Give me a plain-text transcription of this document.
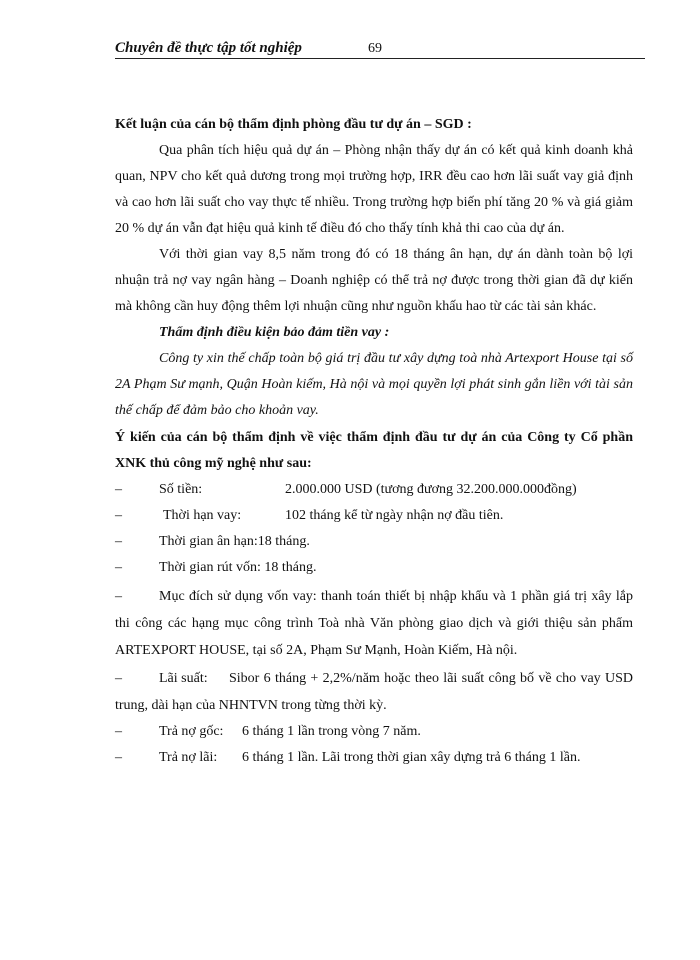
Chuyên đề thực tập tốt nghiệp	69

Kết luận của cán bộ thẩm định phòng đầu tư dự án – SGD :

Qua phân tích hiệu quả dự án – Phòng nhận thấy dự án có kết quả kinh doanh khả quan, NPV cho kết quả dương trong mọi trường hợp, IRR đều cao hơn lãi suất vay giả định và cao hơn lãi suất cho vay thực tế nhiều. Trong trường hợp biến phí tăng 20 % và giá giảm 20 % dự án vẫn đạt hiệu quả kinh tế điều đó cho thấy tính khả thi cao của dự án.

Với thời gian vay 8,5 năm trong đó có 18 tháng ân hạn, dự án dành toàn bộ lợi nhuận trả nợ vay ngân hàng – Doanh nghiệp có thể trả nợ được trong thời gian đã dự kiến mà không cần huy động thêm lợi nhuận cũng như nguồn khấu hao từ các tài sản khác.

Thẩm định điều kiện bảo đảm tiền vay :

Công ty xin thế chấp toàn bộ giá trị đầu tư xây dựng toà nhà Artexport House tại số 2A Phạm Sư mạnh, Quận Hoàn kiếm, Hà nội và mọi quyền lợi phát sinh gắn liền với tài sản thế chấp để đảm bảo cho khoản vay.

Ý kiến của cán bộ thẩm định về việc thẩm định đầu tư dự án của Công ty Cổ phần XNK thủ công mỹ nghệ như sau:

–	Số tiền:	2.000.000 USD (tương đương 32.200.000.000đồng)
–	Thời hạn vay:	102 tháng kể từ ngày nhận nợ đầu tiên.
–	Thời gian ân hạn:18 tháng.
–	Thời gian rút vốn: 18 tháng.
–	Mục đích sử dụng vốn vay: thanh toán thiết bị nhập khẩu và 1 phần giá trị xây lắp thi công các hạng mục công trình Toà nhà Văn phòng giao dịch và giới thiệu sản phẩm ARTEXPORT HOUSE, tại số 2A, Phạm Sư Mạnh, Hoàn Kiếm, Hà nội.
–	Lãi suất: Sibor 6 tháng + 2,2%/năm hoặc theo lãi suất công bố về cho vay USD trung, dài hạn của NHNTVN trong từng thời kỳ.
–	Trả nợ gốc: 6 tháng 1 lần trong vòng 7 năm.
–	Trả nợ lãi: 6 tháng 1 lần. Lãi trong thời gian xây dựng trả 6 tháng 1 lần.
